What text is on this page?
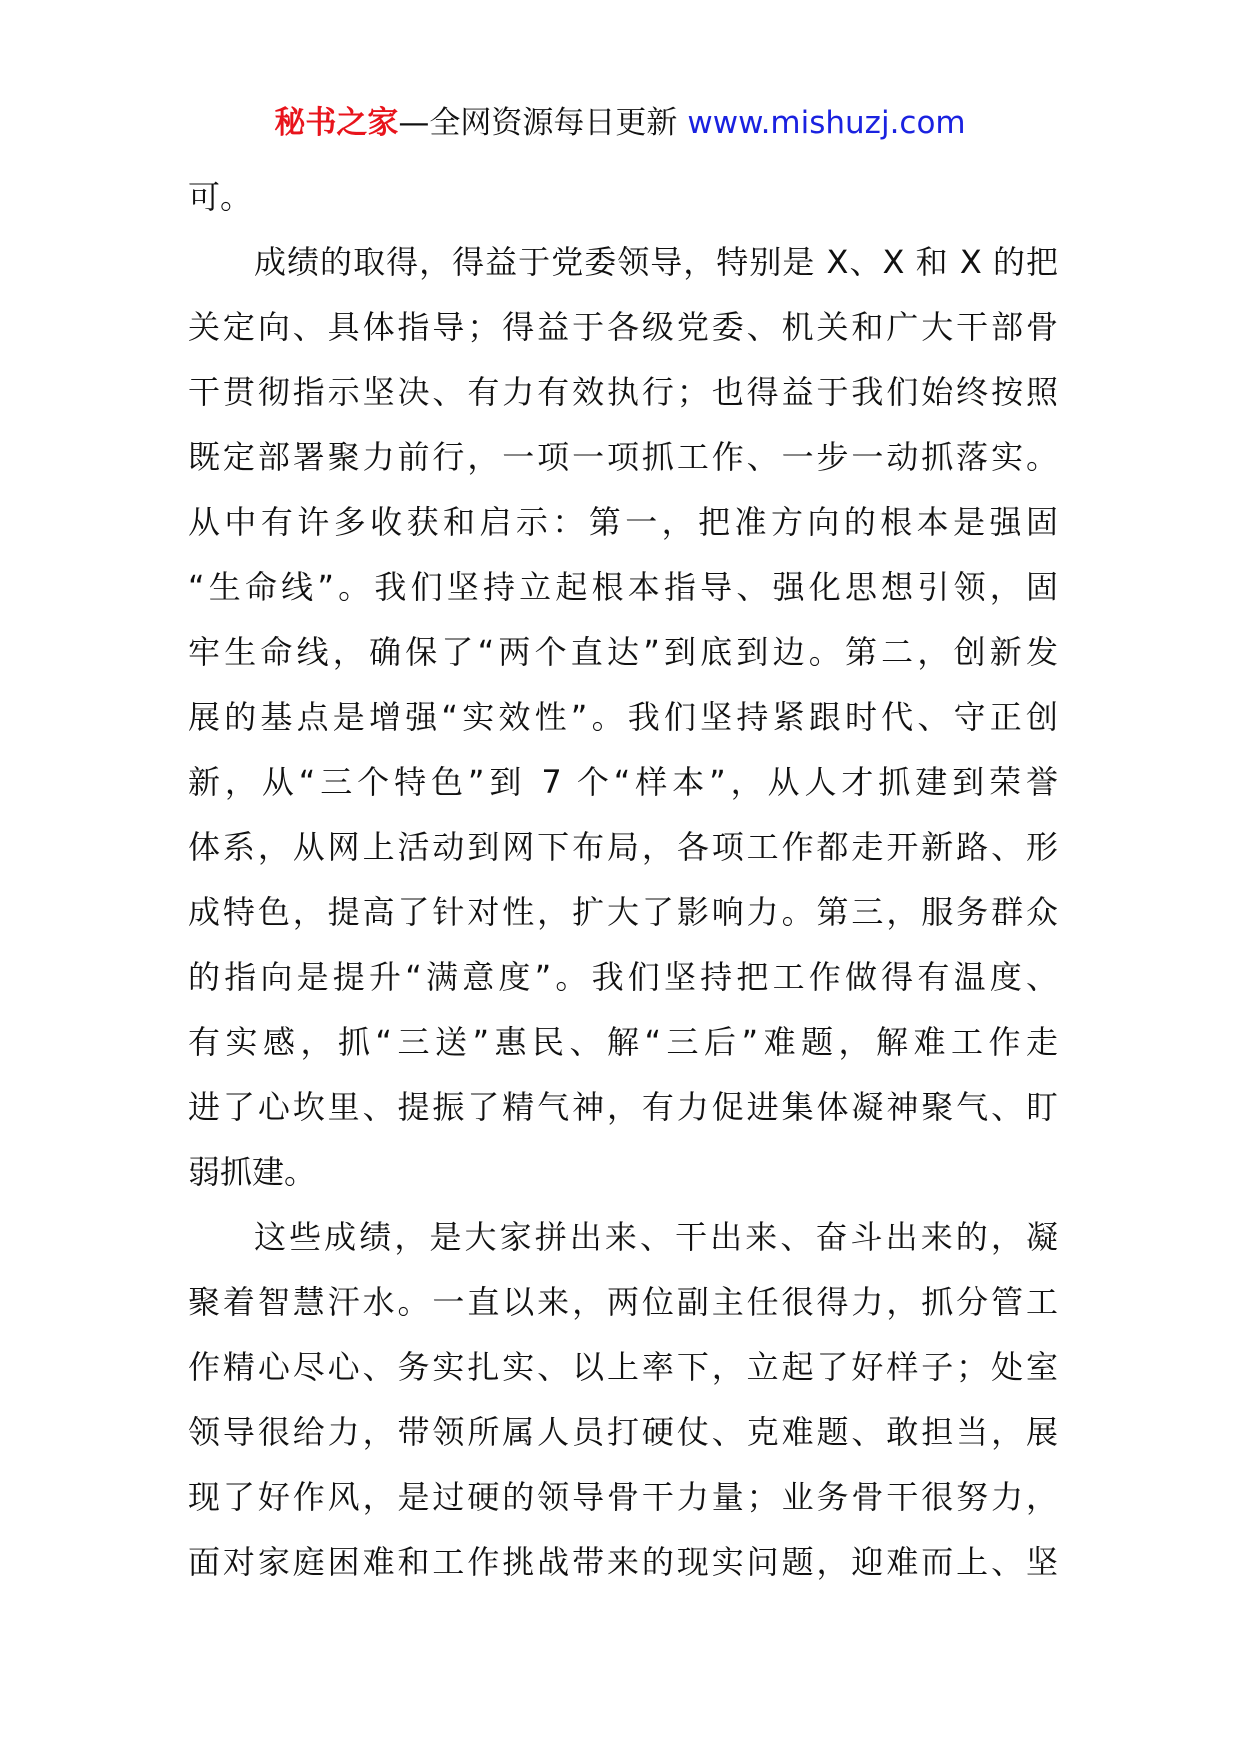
秘书之家—全网资源每日更新 www.mishuzj.com
可。
成绩的取得，得益于党委领导，特别是 X、X 和 X 的把
关定向、具体指导；得益于各级党委、机关和广大干部骨
干贯彻指示坚决、有力有效执行；也得益于我们始终按照
既定部署聚力前行，一项一项抓工作、一步一动抓落实。
从中有许多收获和启示：第一，把准方向的根本是强固
“生命线”。我们坚持立起根本指导、强化思想引领，固
牢生命线，确保了“两个直达”到底到边。第二，创新发
展的基点是增强“实效性”。我们坚持紧跟时代、守正创
新，从“三个特色”到 7 个“样本”，从人才抓建到荣誉
体系，从网上活动到网下布局，各项工作都走开新路、形
成特色，提高了针对性，扩大了影响力。第三，服务群众
的指向是提升“满意度”。我们坚持把工作做得有温度、
有实感，抓“三送”惠民、解“三后”难题，解难工作走
进了心坎里、提振了精气神，有力促进集体凝神聚气、盯
弱抓建。
这些成绩，是大家拼出来、干出来、奋斗出来的，凝
聚着智慧汗水。一直以来，两位副主任很得力，抓分管工
作精心尽心、务实扎实、以上率下，立起了好样子；处室
领导很给力，带领所属人员打硬仗、克难题、敢担当，展
现了好作风，是过硬的领导骨干力量；业务骨干很努力，
面对家庭困难和工作挑战带来的现实问题，迎难而上、坚
